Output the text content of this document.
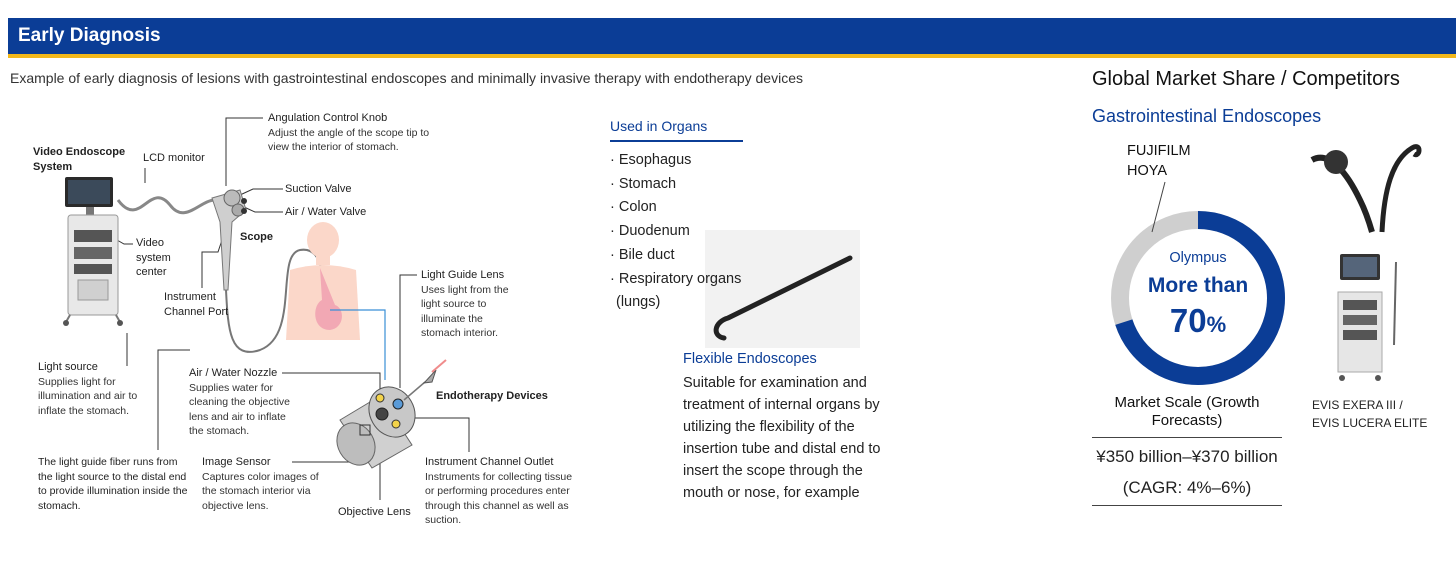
Early Diagnosis
Example of early diagnosis of lesions with gastrointestinal endoscopes and minimally invasive therapy with endotherapy devices
Video Endoscope System
LCD monitor
Angulation Control Knob
Adjust the angle of the scope tip to view the interior of stomach.
Suction Valve
Air / Water Valve
Scope
Video system center
Instrument Channel Port
Light Guide Lens
Uses light from the light source to illuminate the stomach interior.
Light source
Supplies light for illumination and air to inflate the stomach.
Air / Water Nozzle
Supplies water for cleaning the objective lens and air to inflate the stomach.
Endotherapy Devices
The light guide fiber runs from the light source to the distal end to provide illumination inside the stomach.
Image Sensor
Captures color images of the stomach interior via objective lens.
Objective Lens
Instrument Channel Outlet
Instruments for collecting tissue or performing procedures enter through this channel as well as suction.
Used in Organs
· Esophagus
· Stomach
· Colon
· Duodenum
· Bile duct
· Respiratory organs
(lungs)
Flexible Endoscopes
Suitable for examination and treatment of internal organs by utilizing the flexibility of the insertion tube and distal end to insert the scope through the mouth or nose, for example
Global Market Share / Competitors
Gastrointestinal Endoscopes
FUJIFILM
HOYA
Olympus
More than
70%
Market Scale (Growth Forecasts)
¥350 billion–¥370 billion
(CAGR: 4%–6%)
EVIS EXERA III /
EVIS LUCERA ELITE
